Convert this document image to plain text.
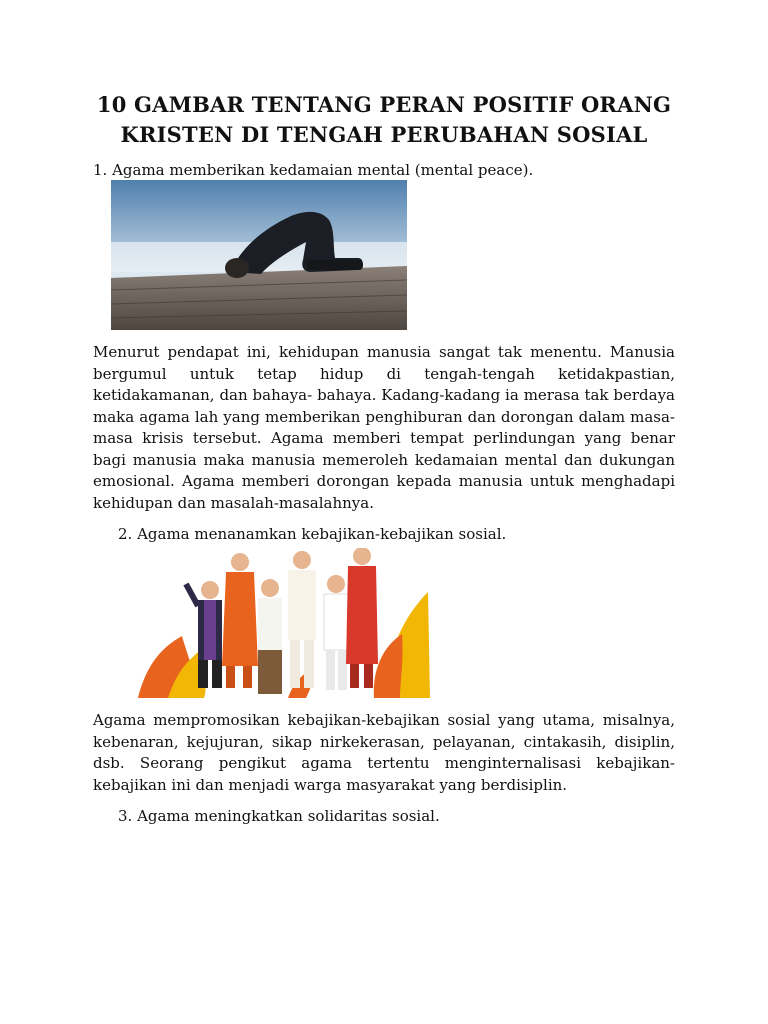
10 GAMBAR TENTANG PERAN POSITIF ORANG
KRISTEN DI TENGAH PERUBAHAN SOSIAL
1. Agama memberikan kedamaian mental (mental peace).
Menurut pendapat ini, kehidupan manusia sangat tak menentu. Manusia bergumul untuk tetap hidup di tengah-tengah ketidakpastian, ketidakamanan, dan bahaya- bahaya. Kadang-kadang ia merasa tak berdaya maka agama lah yang memberikan penghiburan dan dorongan dalam masa-masa krisis tersebut. Agama memberi tempat perlindungan yang benar bagi manusia maka manusia memeroleh kedamaian mental dan dukungan emosional. Agama memberi dorongan kepada manusia untuk menghadapi kehidupan dan masalah-masalahnya.
2. Agama menanamkan kebajikan-kebajikan sosial.
Agama mempromosikan kebajikan-kebajikan sosial yang utama, misalnya, kebenaran, kejujuran, sikap nirkekerasan, pelayanan, cintakasih, disiplin, dsb. Seorang pengikut agama tertentu menginternalisasi kebajikan-kebajikan ini dan menjadi warga masyarakat yang berdisiplin.
3. Agama meningkatkan solidaritas sosial.
